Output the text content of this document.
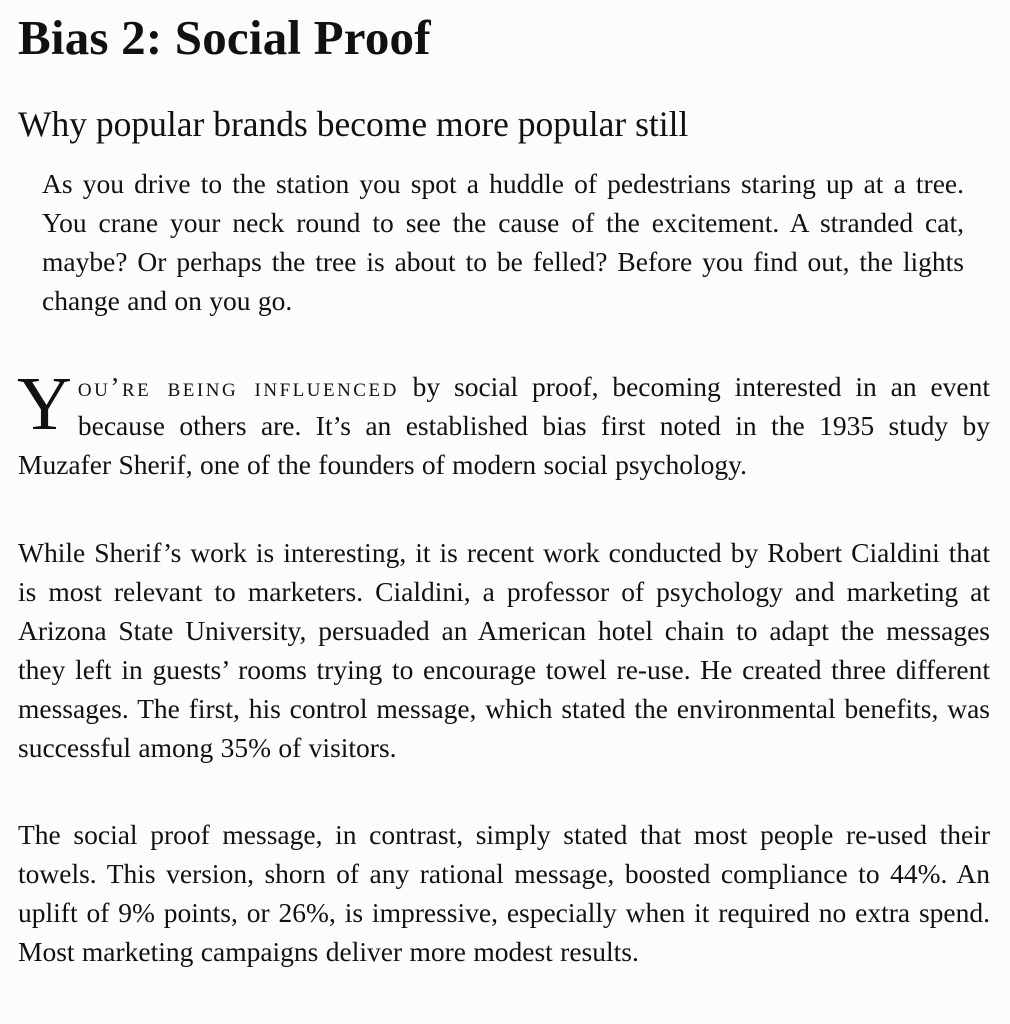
Bias 2: Social Proof
Why popular brands become more popular still

As you drive to the station you spot a huddle of pedestrians staring up at a tree. You crane your neck round to see the cause of the excitement. A stranded cat, maybe? Or perhaps the tree is about to be felled? Before you find out, the lights change and on you go.

You’re being influenced by social proof, becoming interested in an event because others are. It’s an established bias first noted in the 1935 study by Muzafer Sherif, one of the founders of modern social psychology.

While Sherif’s work is interesting, it is recent work conducted by Robert Cialdini that is most relevant to marketers. Cialdini, a professor of psychology and marketing at Arizona State University, persuaded an American hotel chain to adapt the messages they left in guests’ rooms trying to encourage towel re-use. He created three different messages. The first, his control message, which stated the environmental benefits, was successful among 35% of visitors.

The social proof message, in contrast, simply stated that most people re-used their towels. This version, shorn of any rational message, boosted compliance to 44%. An uplift of 9% points, or 26%, is impressive, especially when it required no extra spend. Most marketing campaigns deliver more modest results.
